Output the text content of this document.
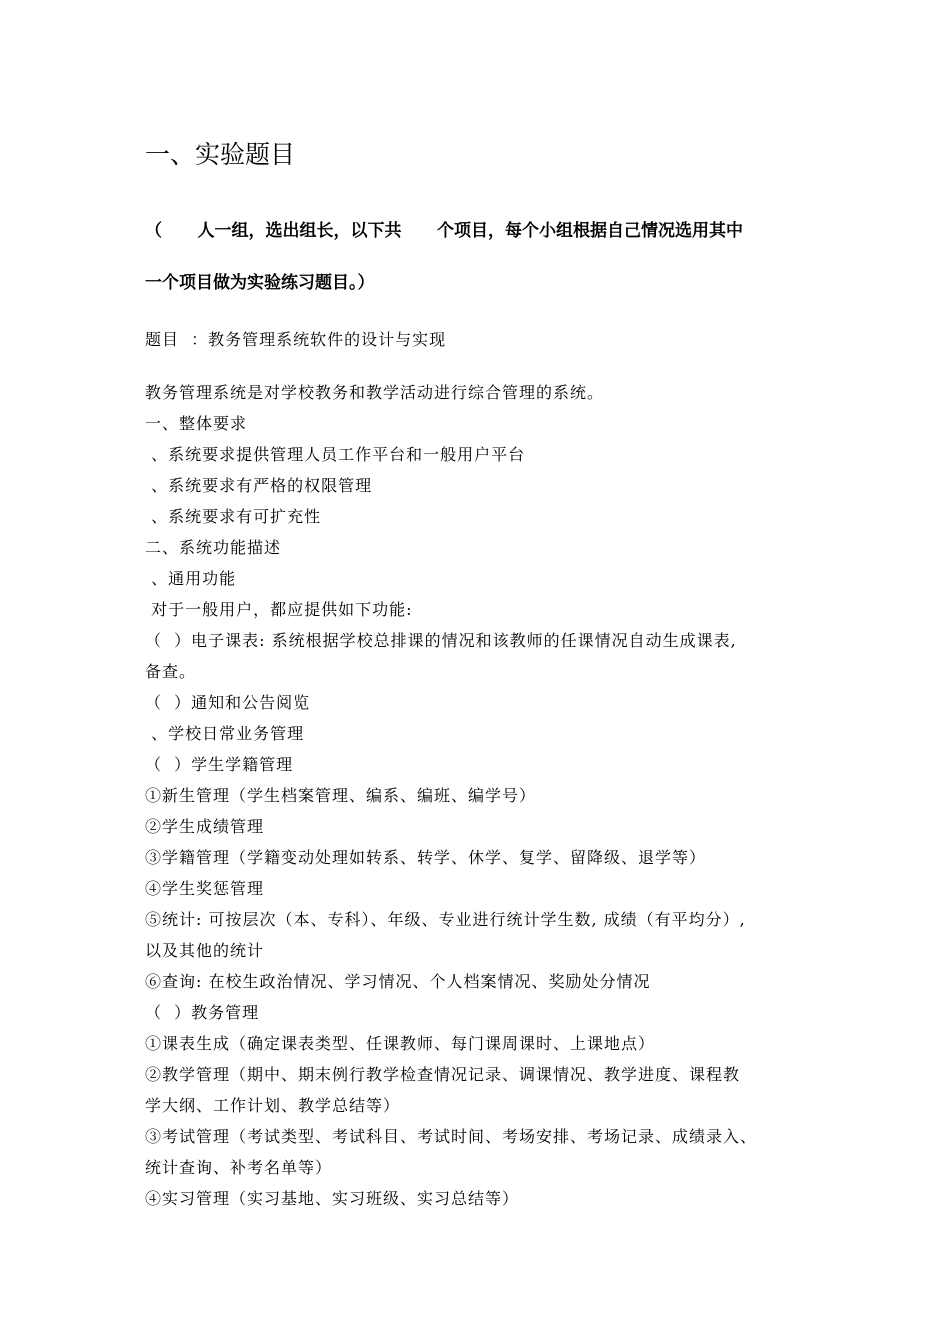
一、实验题目
（      人一组，选出组长，以下共      个项目，每个小组根据自己情况选用其中
一个项目做为实验练习题目。）
题目  ：教务管理系统软件的设计与实现
教务管理系统是对学校教务和教学活动进行综合管理的系统。
一、整体要求
、系统要求提供管理人员工作平台和一般用户平台
、系统要求有严格的权限管理
、系统要求有可扩充性
二、系统功能描述
、通用功能
对于一般用户，都应提供如下功能:
（  ）电子课表: 系统根据学校总排课的情况和该教师的任课情况自动生成课表,
备查。
（  ）通知和公告阅览
、学校日常业务管理
（  ）学生学籍管理
①新生管理（学生档案管理、编系、编班、编学号）
②学生成绩管理
③学籍管理（学籍变动处理如转系、转学、休学、复学、留降级、退学等）
④学生奖惩管理
⑤统计: 可按层次（本、专科）、年级、专业进行统计学生数, 成绩（有平均分）,
以及其他的统计
⑥查询: 在校生政治情况、学习情况、个人档案情况、奖励处分情况
（  ）教务管理
①课表生成（确定课表类型、任课教师、每门课周课时、上课地点）
②教学管理（期中、期末例行教学检查情况记录、调课情况、教学进度、课程教
学大纲、工作计划、教学总结等）
③考试管理（考试类型、考试科目、考试时间、考场安排、考场记录、成绩录入、
统计查询、补考名单等）
④实习管理（实习基地、实习班级、实习总结等）
